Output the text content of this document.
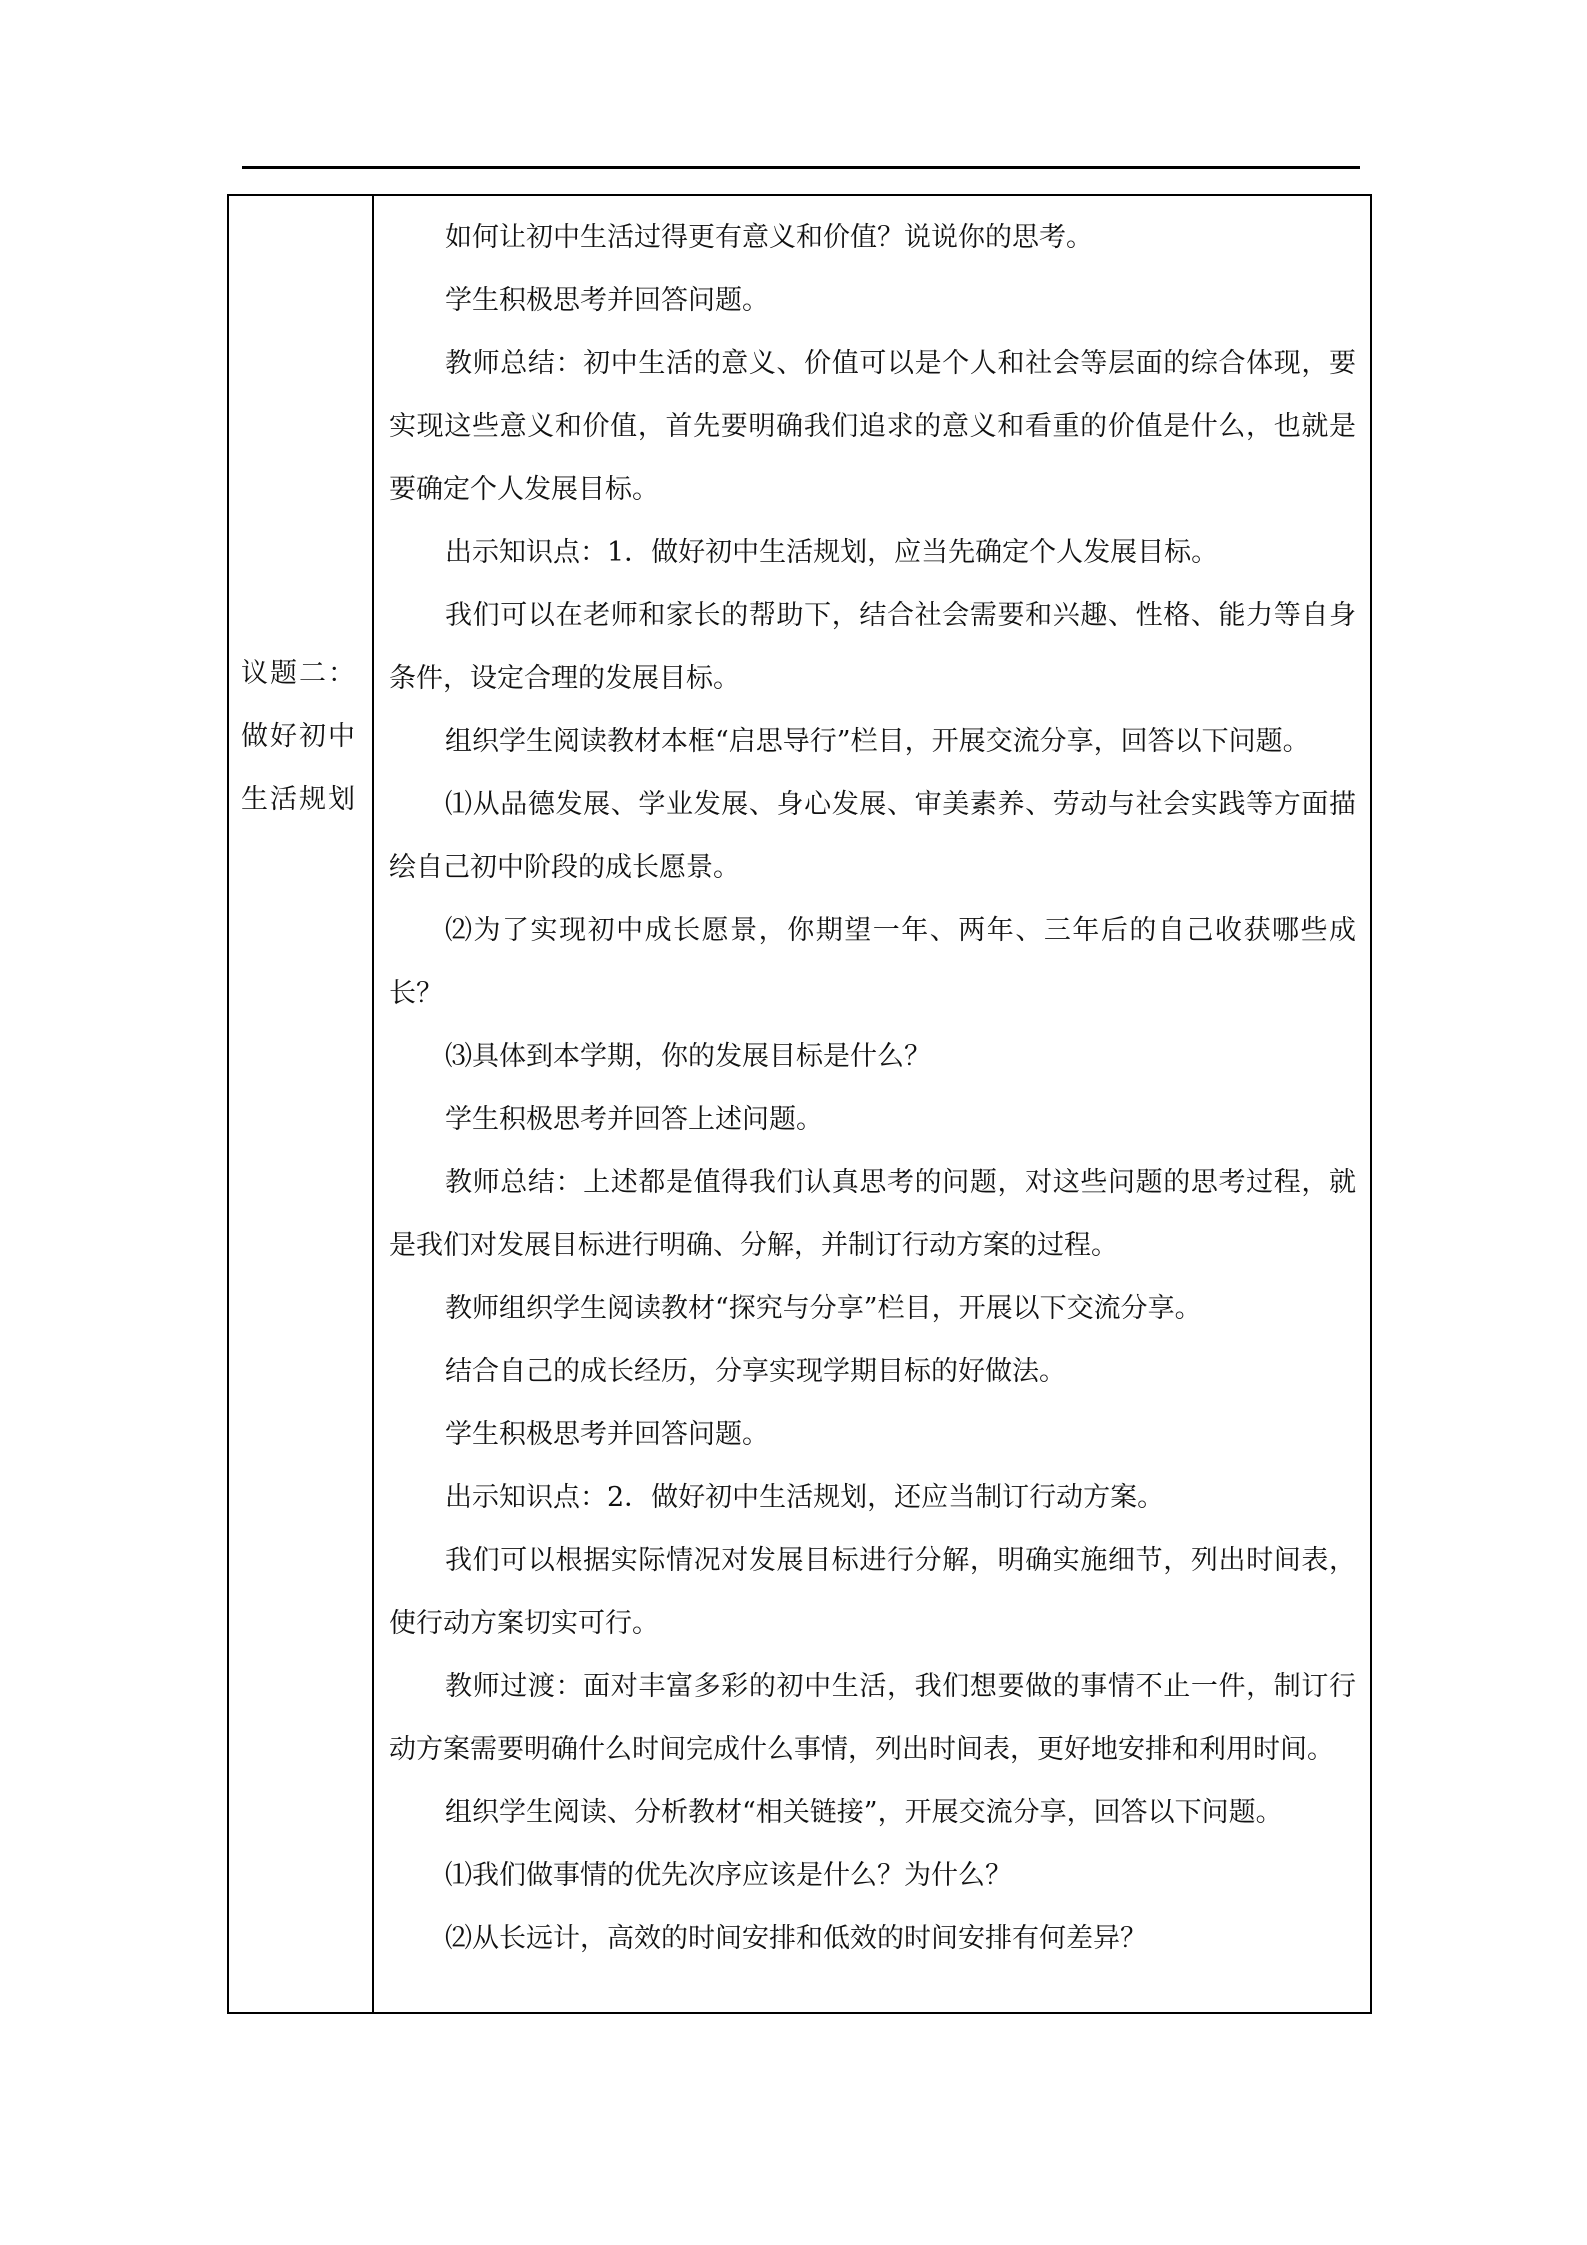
议题二：
做好初中
生活规划

如何让初中生活过得更有意义和价值？说说你的思考。

学生积极思考并回答问题。

教师总结：初中生活的意义、价值可以是个人和社会等层面的综合体现，要实现这些意义和价值，首先要明确我们追求的意义和看重的价值是什么，也就是要确定个人发展目标。

出示知识点：1．做好初中生活规划，应当先确定个人发展目标。

我们可以在老师和家长的帮助下，结合社会需要和兴趣、性格、能力等自身条件，设定合理的发展目标。

组织学生阅读教材本框“启思导行”栏目，开展交流分享，回答以下问题。

⑴从品德发展、学业发展、身心发展、审美素养、劳动与社会实践等方面描绘自己初中阶段的成长愿景。

⑵为了实现初中成长愿景，你期望一年、两年、三年后的自己收获哪些成长？

⑶具体到本学期，你的发展目标是什么？

学生积极思考并回答上述问题。

教师总结：上述都是值得我们认真思考的问题，对这些问题的思考过程，就是我们对发展目标进行明确、分解，并制订行动方案的过程。

教师组织学生阅读教材“探究与分享”栏目，开展以下交流分享。

结合自己的成长经历，分享实现学期目标的好做法。

学生积极思考并回答问题。

出示知识点：2．做好初中生活规划，还应当制订行动方案。

我们可以根据实际情况对发展目标进行分解，明确实施细节，列出时间表，使行动方案切实可行。

教师过渡：面对丰富多彩的初中生活，我们想要做的事情不止一件，制订行动方案需要明确什么时间完成什么事情，列出时间表，更好地安排和利用时间。

组织学生阅读、分析教材“相关链接”，开展交流分享，回答以下问题。

⑴我们做事情的优先次序应该是什么？为什么？

⑵从长远计，高效的时间安排和低效的时间安排有何差异？
